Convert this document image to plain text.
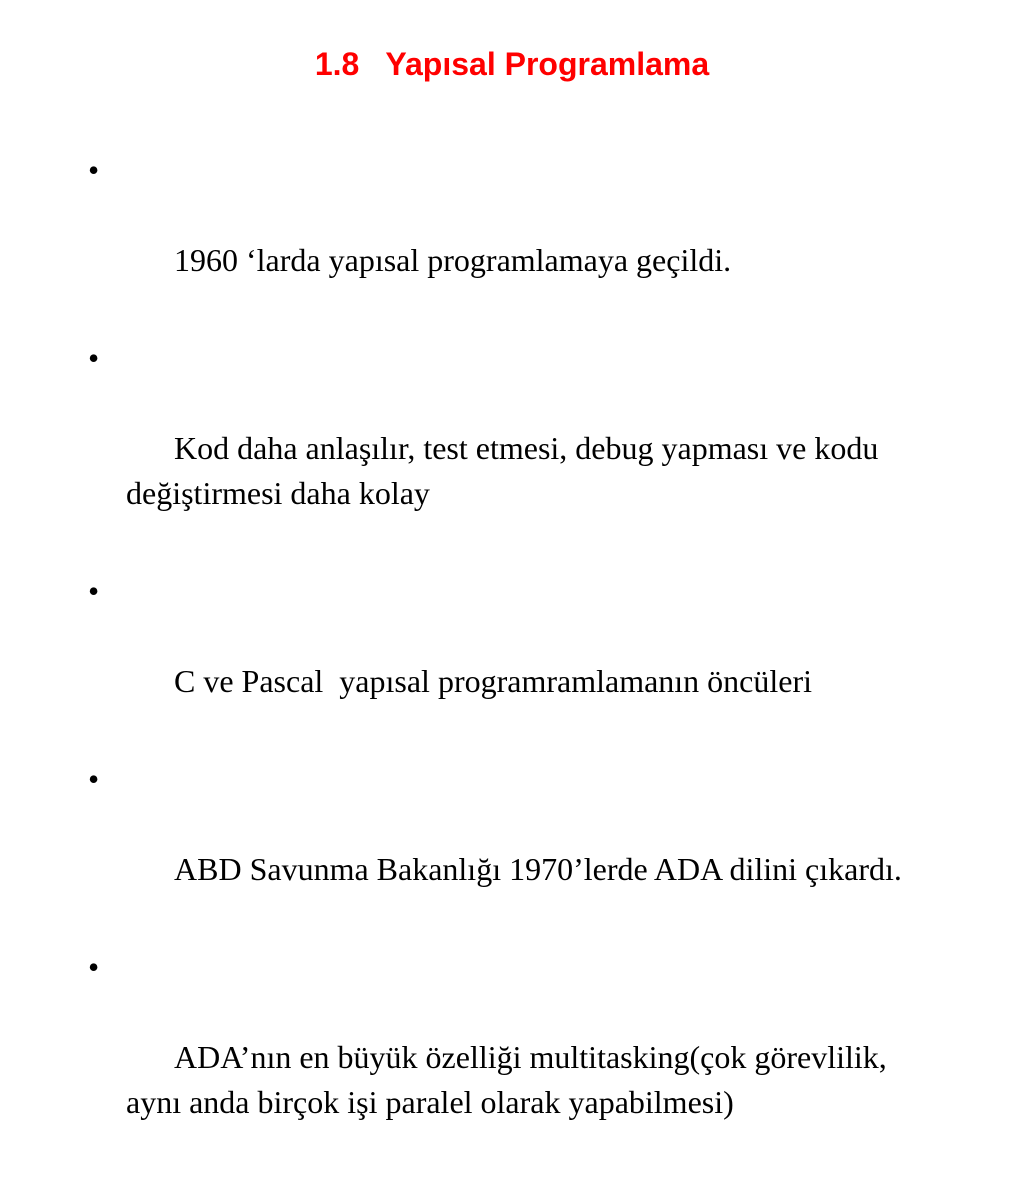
1.8   Yapısal Programlama

•

1960 ‘larda yapısal programlamaya geçildi.

•

Kod daha anlaşılır, test etmesi, debug yapması ve kodu değiştirmesi daha kolay

•

C ve Pascal  yapısal programramlamanın öncüleri

•

ABD Savunma Bakanlığı 1970’lerde ADA dilini çıkardı.

•

ADA’nın en büyük özelliği multitasking(çok görevlilik, aynı anda birçok işi paralel olarak yapabilmesi)
